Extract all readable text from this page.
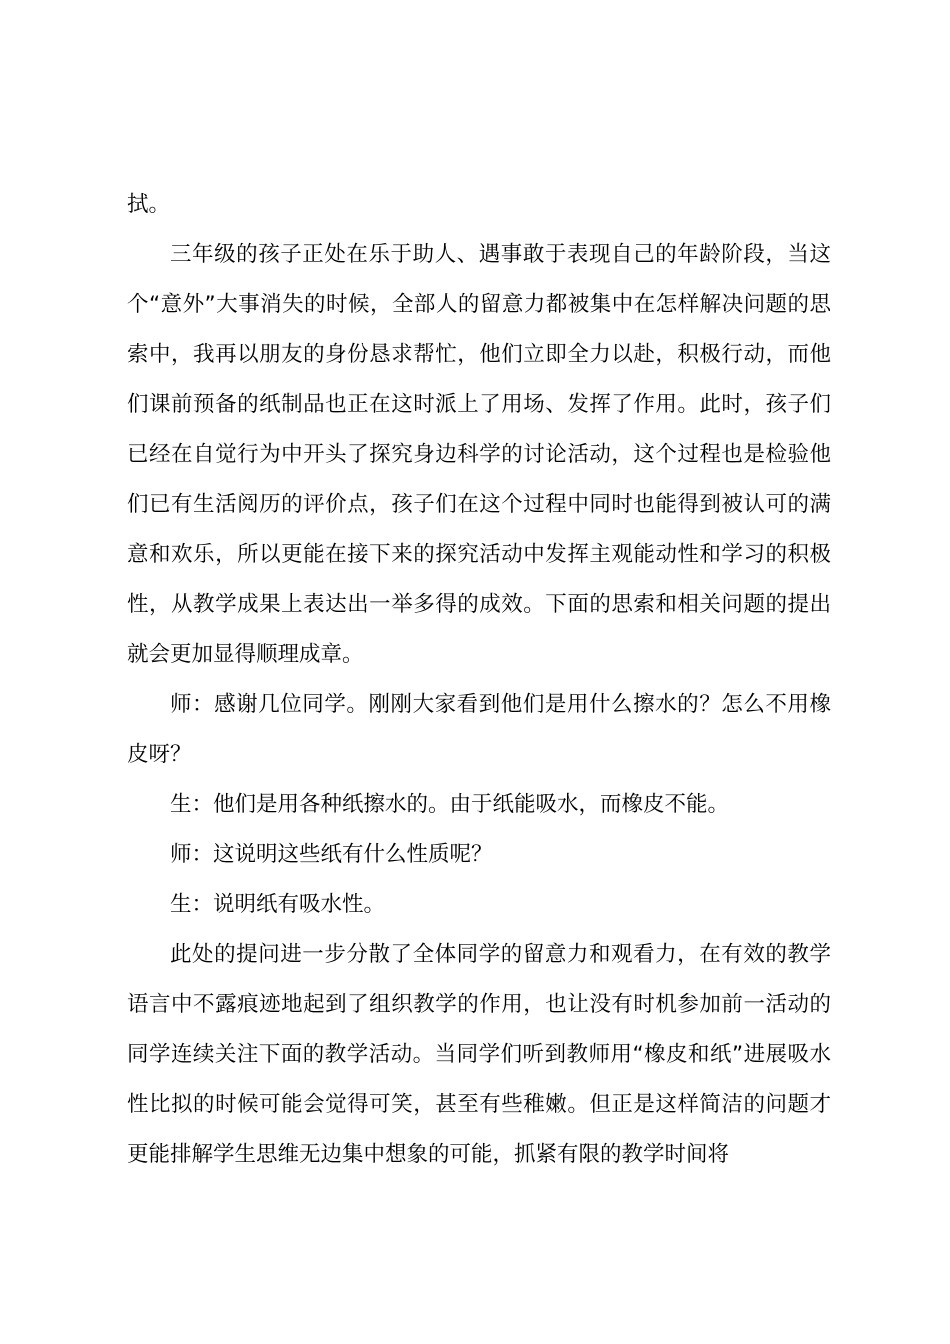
拭。

三年级的孩子正处在乐于助人、遇事敢于表现自己的年龄阶段，当这个“意外”大事消失的时候，全部人的留意力都被集中在怎样解决问题的思索中，我再以朋友的身份恳求帮忙，他们立即全力以赴，积极行动，而他们课前预备的纸制品也正在这时派上了用场、发挥了作用。此时，孩子们已经在自觉行为中开头了探究身边科学的讨论活动，这个过程也是检验他们已有生活阅历的评价点，孩子们在这个过程中同时也能得到被认可的满意和欢乐，所以更能在接下来的探究活动中发挥主观能动性和学习的积极性，从教学成果上表达出一举多得的成效。下面的思索和相关问题的提出就会更加显得顺理成章。

师：感谢几位同学。刚刚大家看到他们是用什么擦水的？怎么不用橡皮呀？

生：他们是用各种纸擦水的。由于纸能吸水，而橡皮不能。

师：这说明这些纸有什么性质呢？

生：说明纸有吸水性。

此处的提问进一步分散了全体同学的留意力和观看力，在有效的教学语言中不露痕迹地起到了组织教学的作用，也让没有时机参加前一活动的同学连续关注下面的教学活动。当同学们听到教师用“橡皮和纸”进展吸水性比拟的时候可能会觉得可笑，甚至有些稚嫩。但正是这样简洁的问题才更能排解学生思维无边集中想象的可能，抓紧有限的教学时间将
